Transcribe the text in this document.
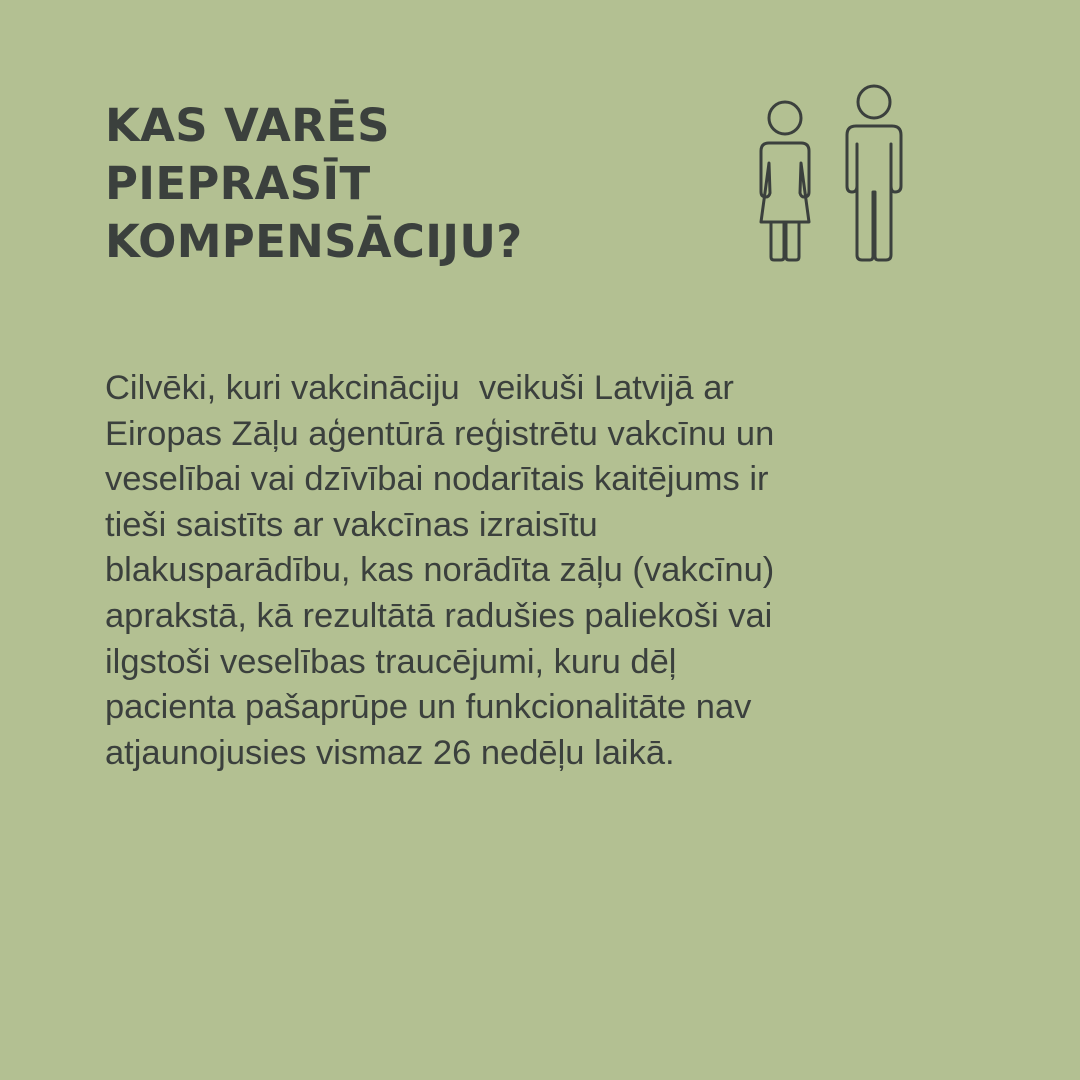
KAS VARĒS
PIEPRASĪT
KOMPENSĀCIJU?

Cilvēki, kuri vakcināciju  veikuši Latvijā ar
Eiropas Zāļu aģentūrā reģistrētu vakcīnu un
veselībai vai dzīvībai nodarītais kaitējums ir
tieši saistīts ar vakcīnas izraisītu
blakusparādību, kas norādīta zāļu (vakcīnu)
aprakstā, kā rezultātā radušies paliekoši vai
ilgstoši veselības traucējumi, kuru dēļ
pacienta pašaprūpe un funkcionalitāte nav
atjaunojusies vismaz 26 nedēļu laikā.
